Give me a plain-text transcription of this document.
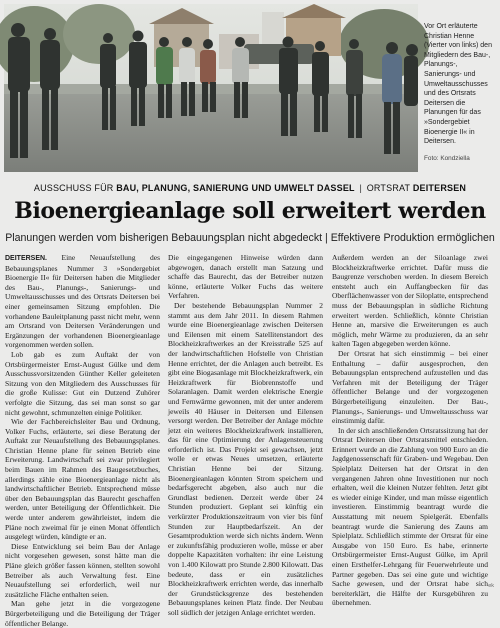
Vor Ort erläuterte Christian Henne (Vierter von links) den Mitgliedern des Bau-, Planungs-, Sanierungs- und Umweltausschusses und des Ortsrats Deitersen die Planungen für das »Sondergebiet Bioenergie II« in Deitersen.
Foto: Kondziella
AUSSCHUSS FÜR BAU, PLANUNG, SANIERUNG UND UMWELT DASSEL | ORTSRAT DEITERSEN
Bioenergieanlage soll erweitert werden
Planungen werden vom bisherigen Bebauungsplan nicht abgedeckt | Effektivere Produktion ermöglichen

DEITERSEN. Eine Neuaufstellung des Bebauungsplanes Nummer 3 »Sondergebiet Bioenergie II« für Deitersen haben die Mitglieder des Bau-, Planungs-, Sanierungs- und Umweltausschusses und des Ortsrats Deitersen bei einer gemeinsamen Sitzung empfohlen. Die vorhandene Bauleitplanung passt nicht mehr, wenn am Ortsrand von Deitersen Veränderungen und Ergänzungen der vorhandenen Bioenergieanlage vorgenommen werden sollen.

Lob gab es zum Auftakt der von Ortsbürgermeister Ernst-August Gülke und dem Ausschussvorsitzenden Günther Keller geleiteten Sitzung von den Mitgliedern des Ausschusses für die große Kulisse: Gut ein Dutzend Zuhörer verfolgte die Sitzung, das sei man sonst so gar nicht gewohnt, schmunzelten einige Politiker.

Wie der Fachbereichsleiter Bau und Ordnung, Volker Fuchs, erläuterte, sei diese Beratung der Auftakt zur Neuaufstellung des Bebauungsplanes. Christian Henne plane für seinen Betrieb eine Erweiterung. Landwirtschaft sei zwar privilegiert beim Bauen im Rahmen des Baugesetzbuches, allerdings zähle eine Bioenergieanlage nicht als landwirtschaftlicher Betrieb. Entsprechend müsse über den Bebauungsplan das Baurecht geschaffen werden, unter Beteiligung der Öffentlichkeit. Die werde unter anderem gewährleistet, indem die Pläne noch zweimal für je einen Monat öffentlich ausgelegt würden, kündigte er an.

Diese Entwicklung sei beim Bau der Anlage nicht vorgesehen gewesen, sonst hätte man die Pläne gleich größer fassen können, stellten sowohl Betreiber als auch Verwaltung fest. Eine Neuaufstellung sei erforderlich, weil nur zusätzliche Fläche enthalten seien.

Man gehe jetzt in die vorgezogene Bürgerbeteiligung und die Beteiligung der Träger öffentlicher Belange.

Die eingegangenen Hinweise würden dann abgewogen, danach erstellt man Satzung und schaffe das Baurecht, das der Betreiber nutzen könne, erläuterte Volker Fuchs das weitere Verfahren.

Der bestehende Bebauungsplan Nummer 2 stammt aus dem Jahr 2011. In diesem Rahmen wurde eine Bioenergieanlage zwischen Deitersen und Eilensen mit einem Satellitenstandort des Blockheizkraftwerkes an der Kreisstraße 525 auf der landwirtschaftlichen Hofstelle von Christian Henne errichtet, der die Anlagen auch betreibt. Es gibt eine Biogasanlage mit Blockheizkraftwerk, ein Heizkraftwerk für Biobrennstoffe und Solaranlagen. Damit werden elektrische Energie und Fernwärme gewonnen, mit der unter anderem jeweils 40 Häuser in Deitersen und Eilensen versorgt werden. Der Betreiber der Anlage möchte jetzt ein weiteres Blockheizkraftwerk installieren, das für eine Optimierung der Anlagensteuerung erforderlich ist. Das Projekt sei gewachsen, jetzt wolle er etwas Neues umsetzen, erläuterte Christian Henne bei der Sitzung. Bioenergieanlagen könnten Strom speichern und bedarfsgerecht abgeben, also auch nur die Grundlast bedienen. Derzeit werde über 24 Stunden produziert. Geplant sei künftig ein verkürzter Produktionszeitraum von vier bis fünf Stunden zur Hauptbedarfszeit. An der Gesamtproduktion werde sich nichts ändern. Wenn er zukunftsfähig produzieren wolle, müsse er aber doppelte Kapazitäten vorhalten: ihr eine Leistung von 1.400 Kilowatt pro Stunde 2.800 Kilowatt. Das bedeute, dass er ein zusätzliches Blockheizkraftwerk errichten werde, das innerhalb der Grundstücksgrenze des bestehenden Bebauungsplanes keinen Platz finde. Der Neubau soll südlich der jetzigen Anlage errichtet werden.

Außerdem werden an der Siloanlage zwei Blockheizkraftwerke errichtet. Dafür muss die Baugrenze verschoben werden. In diesem Bereich entsteht auch ein Auffangbecken für das Oberflächenwasser von der Siloplatte, entsprechend muss der Bebauungsplan in südliche Richtung erweitert werden. Schließlich, könnte Christian Henne an, marsive die Erweiterungen es auch möglich, mehr Wärme zu produzieren, da an sehr kalten Tagen abgegeben werden könne.

Der Ortsrat hat sich einstimmig – bei einer Enthaltung – dafür ausgesprochen, den Bebauungsplan entsprechend aufzustellen und das Verfahren mit der Beteiligung der Träger öffentlicher Belange und der vorgezogenen Bürgerbeteiligung einzuleiten. Der Bau-, Planungs-, Sanierungs- und Umweltausschuss war einstimmig dafür.

In der sich anschließenden Ortsratssitzung hat der Ortsrat Deitersen über Ortsratsmittel entschieden. Erinnert wurde an die Zahlung von 900 Euro an die Jagdgenossenschaft für Graben- und Wegebau. Den Spielplatz Deitersen hat der Ortsrat in den vergangenen Jahren ohne Investitionen nur noch erhalten, weil die kleinen Nutzer fehlten. Jetzt gibt es wieder einige Kinder, und man müsse eigentlich investieren. Einstimmig beantragt wurde die Ausstattung mit neuem Spielgerät. Ebenfalls beantragt wurde die Sanierung des Zauns am Spielplatz. Schließlich stimmte der Ortsrat für eine Ausgabe von 150 Euro. Es habe, erinnerte Ortsbürgermeister Ernst-August Gülke, im April einen Ersthelfer-Lehrgang für Feuerwehrleute und Partner gegeben. Das sei eine gute und wichtige Sache gewesen, und der Ortsrat habe sich bereiterklärt, die Hälfte der Kursgebühren zu übernehmen.

ek
